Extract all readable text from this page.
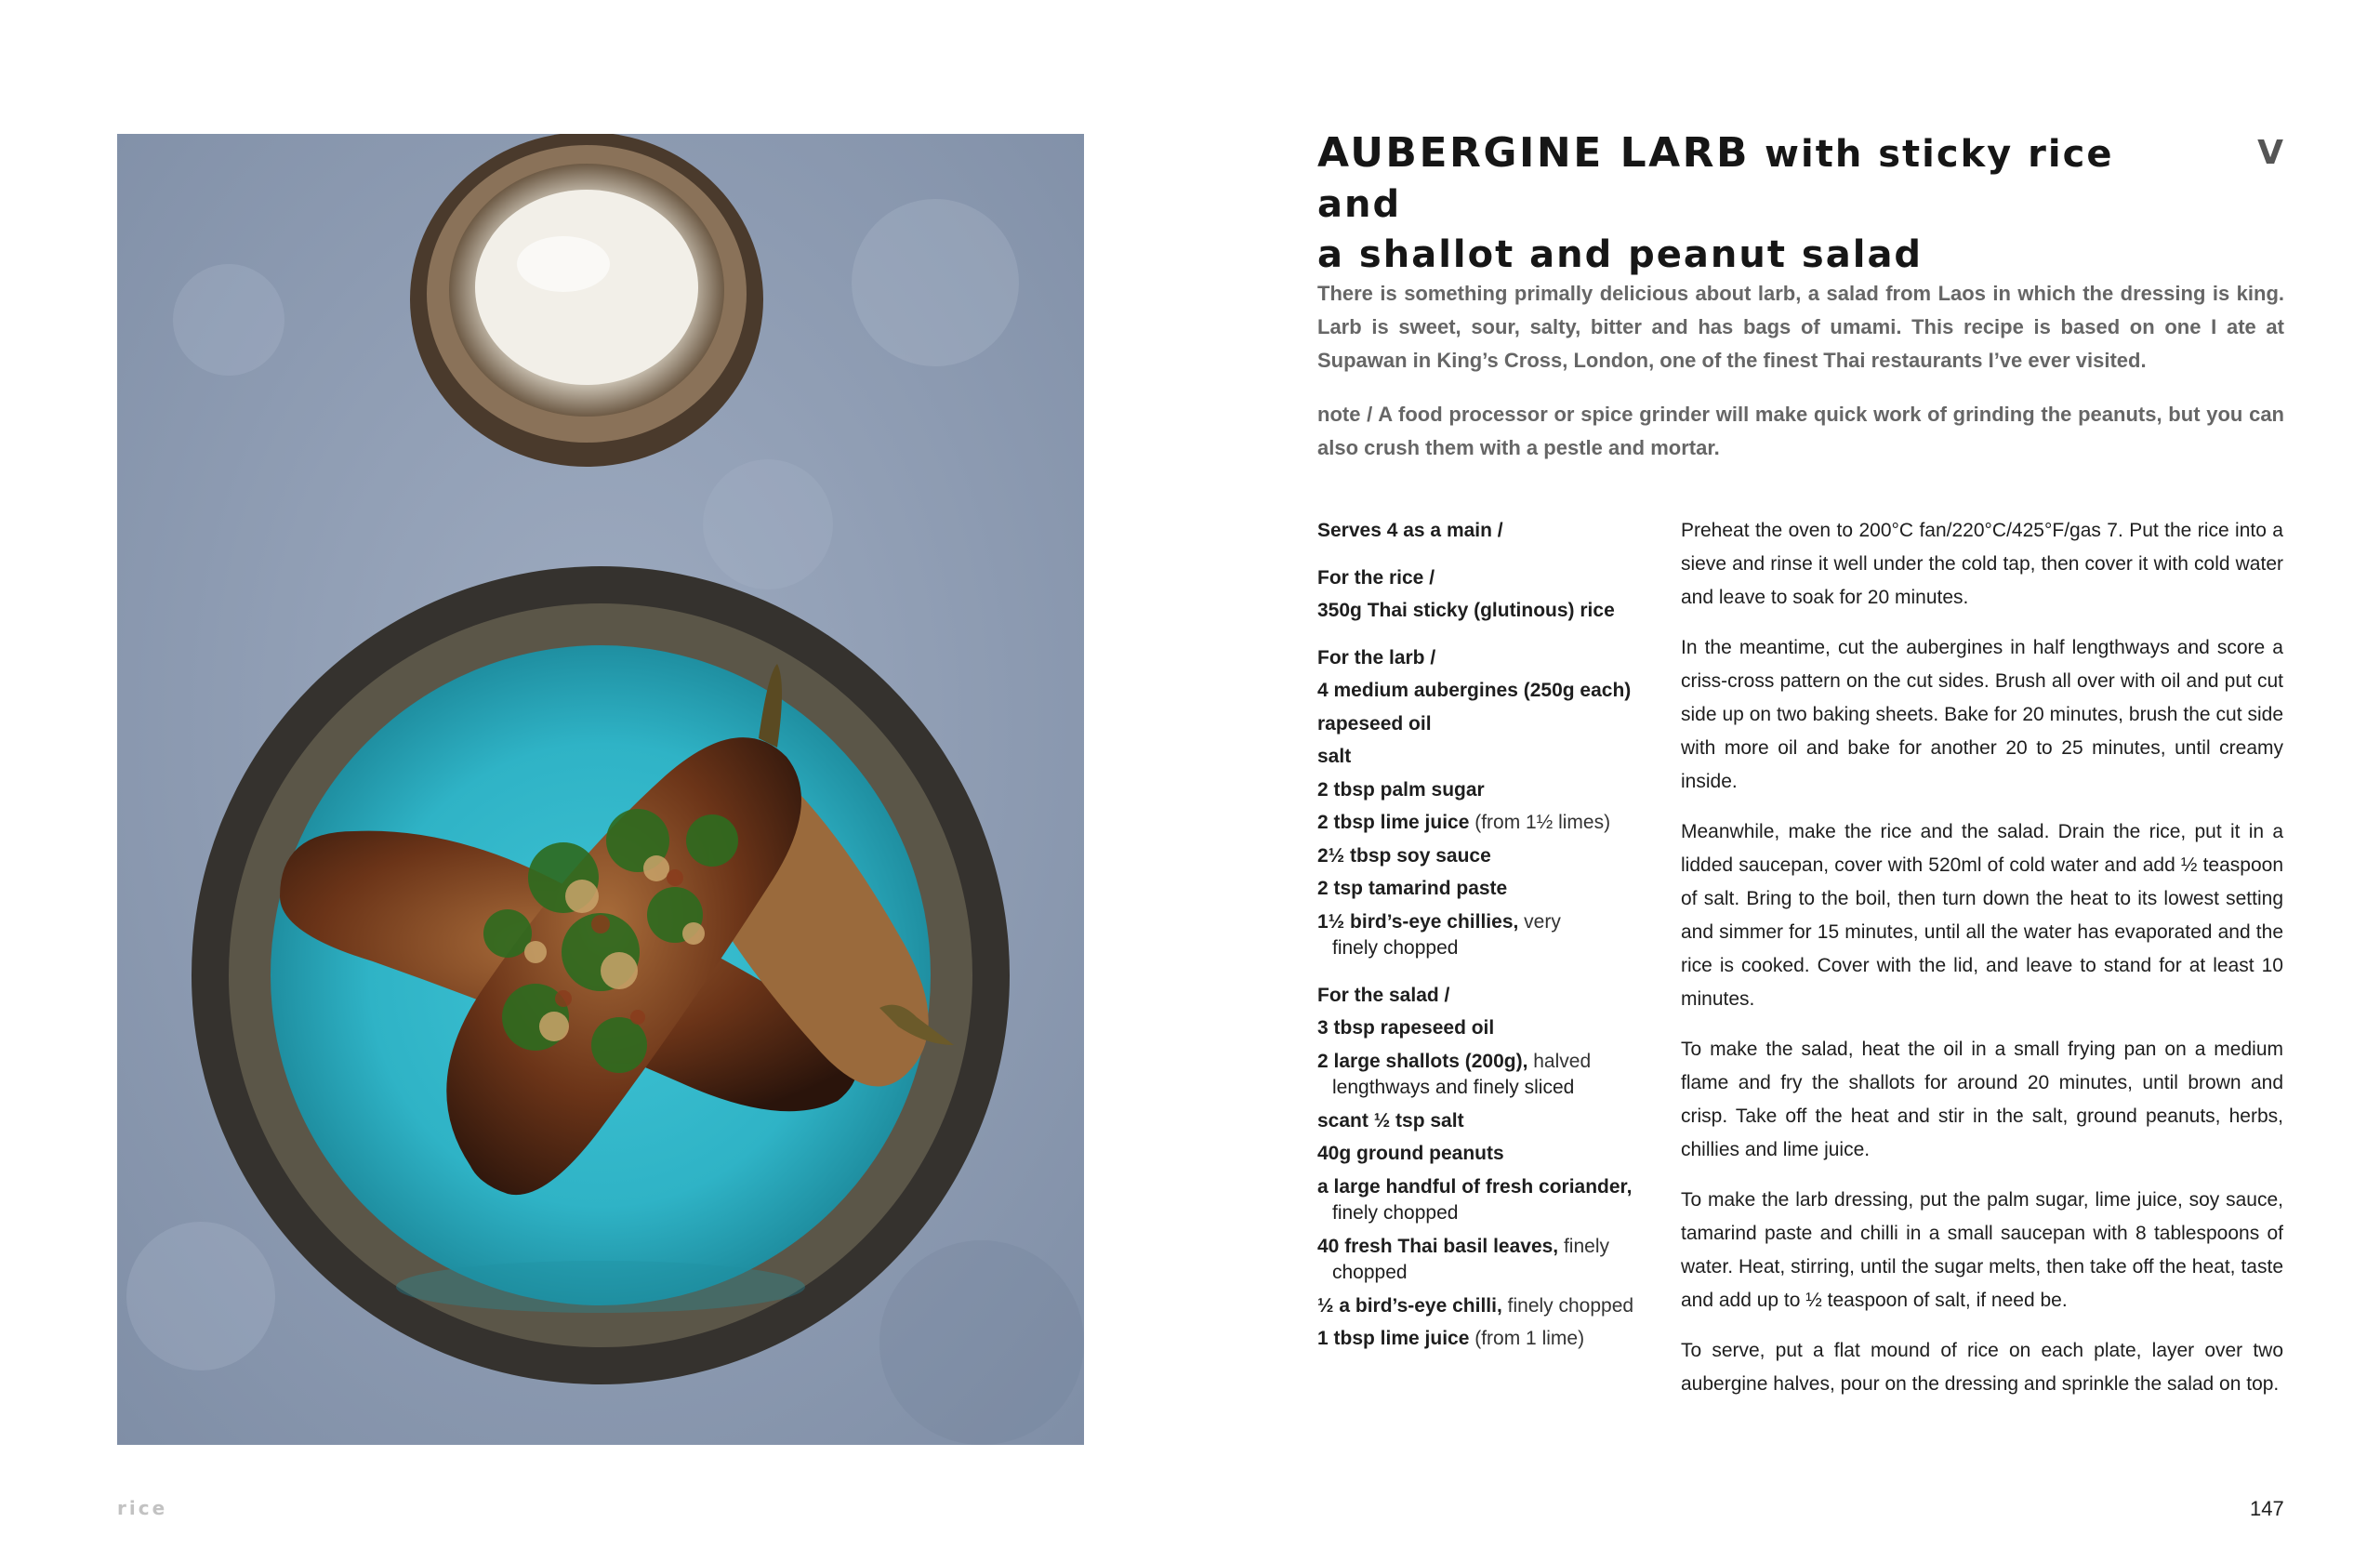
AUBERGINE LARB with sticky rice and
a shallot and peanut salad
V

There is something primally delicious about larb, a salad from Laos in which the dressing is king. Larb is sweet, sour, salty, bitter and has bags of umami. This recipe is based on one I ate at Supawan in King’s Cross, London, one of the finest Thai restaurants I’ve ever visited.

note / A food processor or spice grinder will make quick work of grinding the peanuts, but you can also crush them with a pestle and mortar.

Serves 4 as a main /
For the rice /
350g Thai sticky (glutinous) rice
For the larb /
4 medium aubergines (250g each)
rapeseed oil
salt
2 tbsp palm sugar
2 tbsp lime juice (from 1½ limes)
2½ tbsp soy sauce
2 tsp tamarind paste
1½ bird’s-eye chillies, very
finely chopped
For the salad /
3 tbsp rapeseed oil
2 large shallots (200g), halved
lengthways and finely sliced
scant ½ tsp salt
40g ground peanuts
a large handful of fresh coriander,
finely chopped
40 fresh Thai basil leaves, finely
chopped
½ a bird’s-eye chilli, finely chopped
1 tbsp lime juice (from 1 lime)

Preheat the oven to 200°C fan/220°C/425°F/gas 7. Put the rice into a sieve and rinse it well under the cold tap, then cover it with cold water and leave to soak for 20 minutes.

In the meantime, cut the aubergines in half lengthways and score a criss-cross pattern on the cut sides. Brush all over with oil and put cut side up on two baking sheets. Bake for 20 minutes, brush the cut side with more oil and bake for another 20 to 25 minutes, until creamy inside.

Meanwhile, make the rice and the salad. Drain the rice, put it in a lidded saucepan, cover with 520ml of cold water and add ½ teaspoon of salt. Bring to the boil, then turn down the heat to its lowest setting and simmer for 15 minutes, until all the water has evaporated and the rice is cooked. Cover with the lid, and leave to stand for at least 10 minutes.

To make the salad, heat the oil in a small frying pan on a medium flame and fry the shallots for around 20 minutes, until brown and crisp. Take off the heat and stir in the salt, ground peanuts, herbs, chillies and lime juice.

To make the larb dressing, put the palm sugar, lime juice, soy sauce, tamarind paste and chilli in a small saucepan with 8 tablespoons of water. Heat, stirring, until the sugar melts, then take off the heat, taste and add up to ½ teaspoon of salt, if need be.

To serve, put a flat mound of rice on each plate, layer over two aubergine halves, pour on the dressing and sprinkle the salad on top.

rice	147
